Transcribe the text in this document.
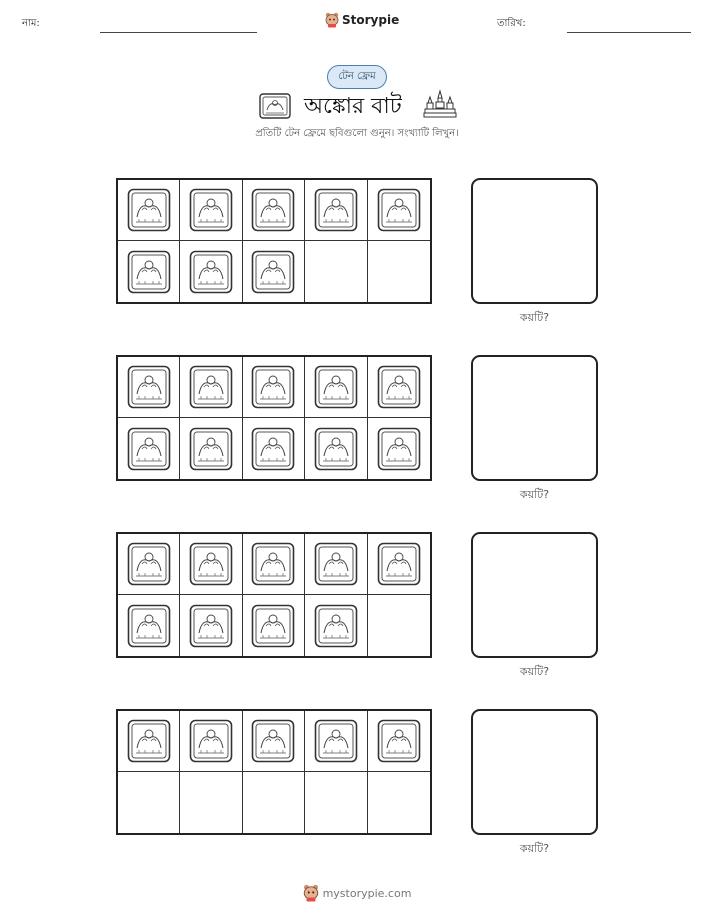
নাম:	Storypie	তারিখ:
টেন ফ্রেম
অঙ্কোর বাট
প্রতিটি টেন ফ্রেমে ছবিগুলো গুনুন। সংখ্যাটি লিখুন।
কয়টি?
কয়টি?
কয়টি?
কয়টি?
mystorypie.com
